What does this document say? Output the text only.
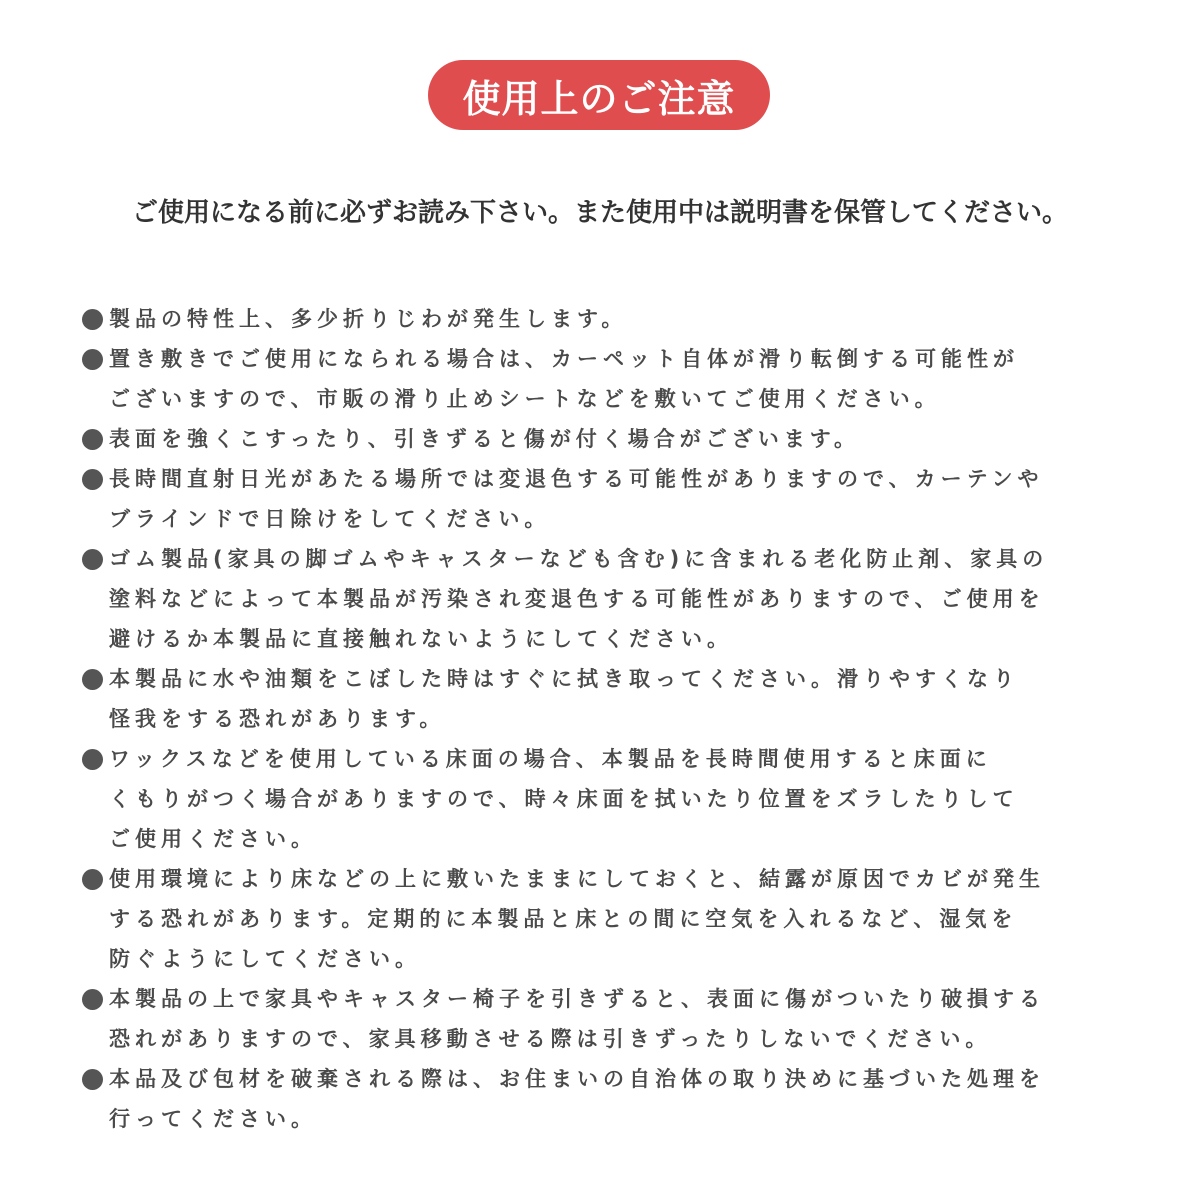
使用上のご注意
ご使用になる前に必ずお読み下さい。また使用中は説明書を保管してください。
製品の特性上、多少折りじわが発生します。
置き敷きでご使用になられる場合は、カーペット自体が滑り転倒する可能性が
ございますので、市販の滑り止めシートなどを敷いてご使用ください。
表面を強くこすったり、引きずると傷が付く場合がございます。
長時間直射日光があたる場所では変退色する可能性がありますので、カーテンや
ブラインドで日除けをしてください。
ゴム製品(家具の脚ゴムやキャスターなども含む)に含まれる老化防止剤、家具の
塗料などによって本製品が汚染され変退色する可能性がありますので、ご使用を
避けるか本製品に直接触れないようにしてください。
本製品に水や油類をこぼした時はすぐに拭き取ってください。滑りやすくなり
怪我をする恐れがあります。
ワックスなどを使用している床面の場合、本製品を長時間使用すると床面に
くもりがつく場合がありますので、時々床面を拭いたり位置をズラしたりして
ご使用ください。
使用環境により床などの上に敷いたままにしておくと、結露が原因でカビが発生
する恐れがあります。定期的に本製品と床との間に空気を入れるなど、湿気を
防ぐようにしてください。
本製品の上で家具やキャスター椅子を引きずると、表面に傷がついたり破損する
恐れがありますので、家具移動させる際は引きずったりしないでください。
本品及び包材を破棄される際は、お住まいの自治体の取り決めに基づいた処理を
行ってください。
